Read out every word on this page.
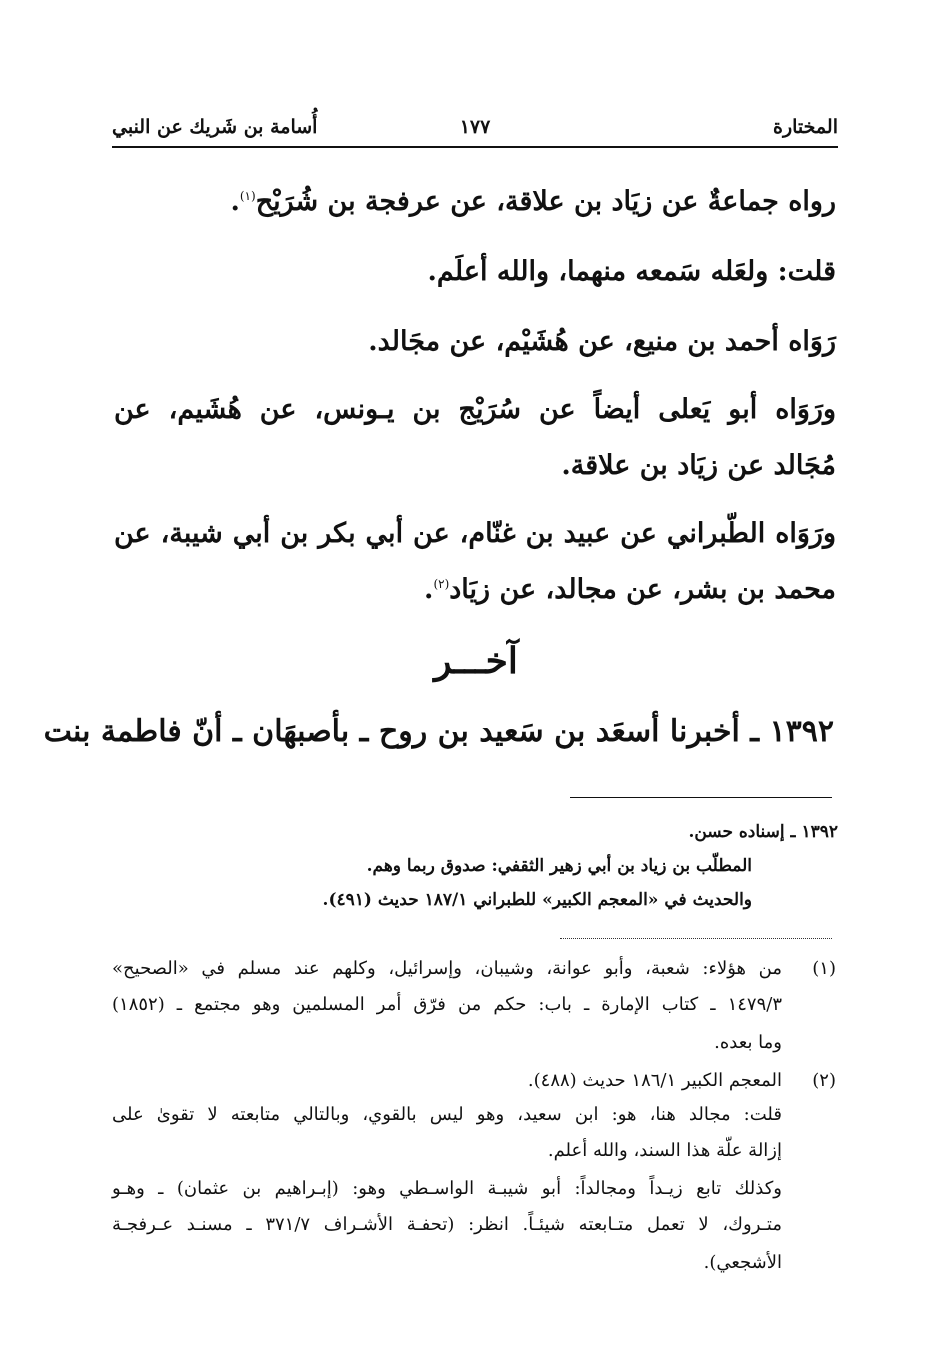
المختارة
١٧٧
أُسامة بن شَريك عن النبي
رواه جماعةٌ عن زيَاد بن علاقة، عن عرفجة بن شُرَيْح$^{(١)}$.
قلت: ولعَله سَمعه منهما، والله أعلَم.
رَوَاه أحمد بن منيع، عن هُشَيْم، عن مجَالد.
ورَوَاه أبو يَعلى أيضاً عن سُرَيْج بن يـونس، عن هُشَيم، عن
مُجَالد عن زيَاد بن علاقة.
ورَوَاه الطّبراني عن عبيد بن غنّام، عن أبي بكر بن أبي شيبة، عن
محمد بن بشر، عن مجالد، عن زيَاد$^{(٢)}$.
آخـــر
١٣٩٢ ـ أخبرنا أسعَد بن سَعيد بن روح ـ بأصبهَان ـ أنّ فاطمة بنت
١٣٩٢ ـ إسناده حسن.
المطلّب بن زياد بن أبي زهير الثقفي: صدوق ربما وهم.
والحديث في «المعجم الكبير» للطبراني ١٨٧/١ حديث (٤٩١).
(١)
من هؤلاء: شعبة، وأبو عوانة، وشيبان، وإسرائيل، وكلهم عند مسلم في «الصحيح»
١٤٧٩/٣ ـ كتاب الإمارة ـ باب: حكم من فرّق أمر المسلمين وهو مجتمع ـ (١٨٥٢)
وما بعده.
(٢)
المعجم الكبير ١٨٦/١ حديث (٤٨٨).
قلت: مجالد هنا، هو: ابن سعيد، وهو ليس بالقوي، وبالتالي متابعته لا تقوىٰ على
إزالة علّة هذا السند، والله أعلم.
وكذلك تابع زيـداً ومجالداً: أبو شيبـة الواسـطي وهو: (إبـراهيم بن عثمان) ـ وهـو
متـروك، لا تعمل متـابعته شيئـاً. انظر: (تحفـة الأشـراف ٣٧١/٧ ـ مسنـد عـرفجـة
الأشجعي).
